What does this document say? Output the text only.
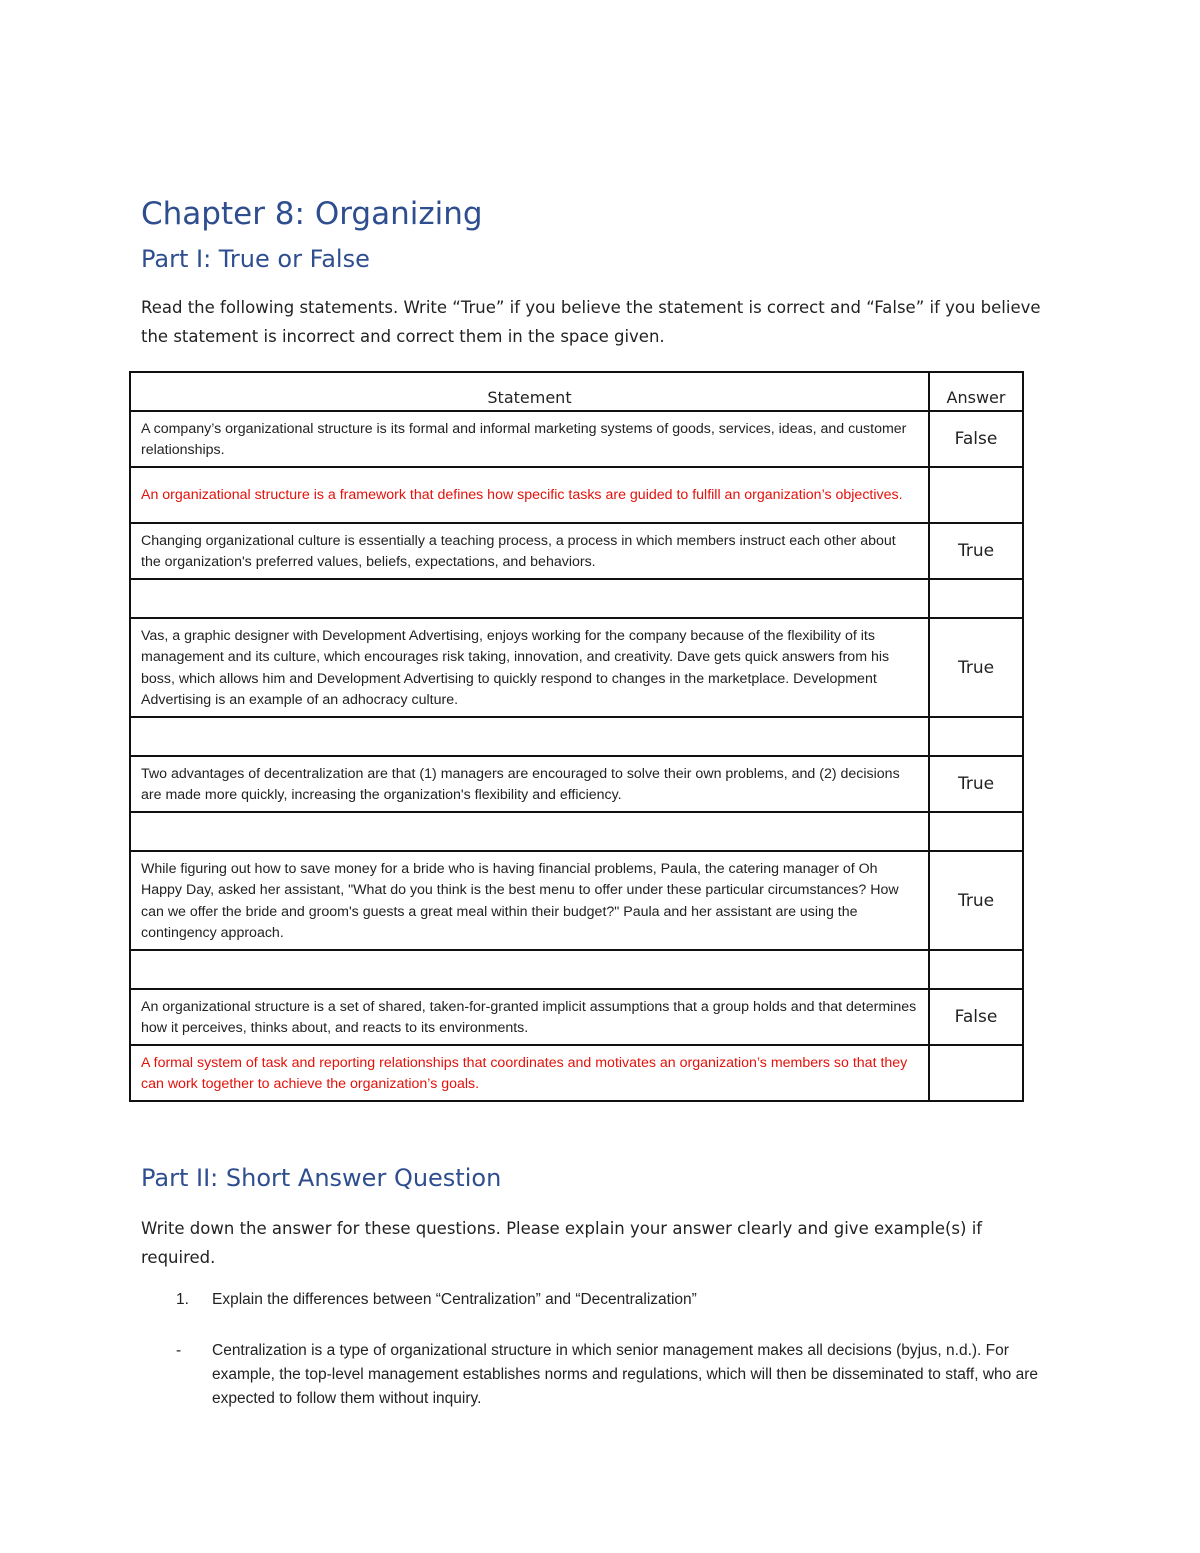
Chapter 8: Organizing
Part I: True or False

Read the following statements. Write “True” if you believe the statement is correct and “False” if you believe the statement is incorrect and correct them in the space given.

Statement	Answer
A company’s organizational structure is its formal and informal marketing systems of goods, services, ideas, and customer relationships.	False
An organizational structure is a framework that defines how specific tasks are guided to fulfill an organization’s objectives.	
Changing organizational culture is essentially a teaching process, a process in which members instruct each other about the organization's preferred values, beliefs, expectations, and behaviors.	True

Vas, a graphic designer with Development Advertising, enjoys working for the company because of the flexibility of its management and its culture, which encourages risk taking, innovation, and creativity. Dave gets quick answers from his boss, which allows him and Development Advertising to quickly respond to changes in the marketplace. Development Advertising is an example of an adhocracy culture.	True

Two advantages of decentralization are that (1) managers are encouraged to solve their own problems, and (2) decisions are made more quickly, increasing the organization's flexibility and efficiency.	True

While figuring out how to save money for a bride who is having financial problems, Paula, the catering manager of Oh Happy Day, asked her assistant, "What do you think is the best menu to offer under these particular circumstances? How can we offer the bride and groom's guests a great meal within their budget?" Paula and her assistant are using the contingency approach.	True

An organizational structure is a set of shared, taken-for-granted implicit assumptions that a group holds and that determines how it perceives, thinks about, and reacts to its environments.	False
A formal system of task and reporting relationships that coordinates and motivates an organization’s members so that they can work together to achieve the organization’s goals.	
Part II: Short Answer Question

Write down the answer for these questions. Please explain your answer clearly and give example(s) if required.

1. Explain the differences between “Centralization” and “Decentralization”
- Centralization is a type of organizational structure in which senior management makes all decisions (byjus, n.d.). For example, the top-level management establishes norms and regulations, which will then be disseminated to staff, who are expected to follow them without inquiry.
